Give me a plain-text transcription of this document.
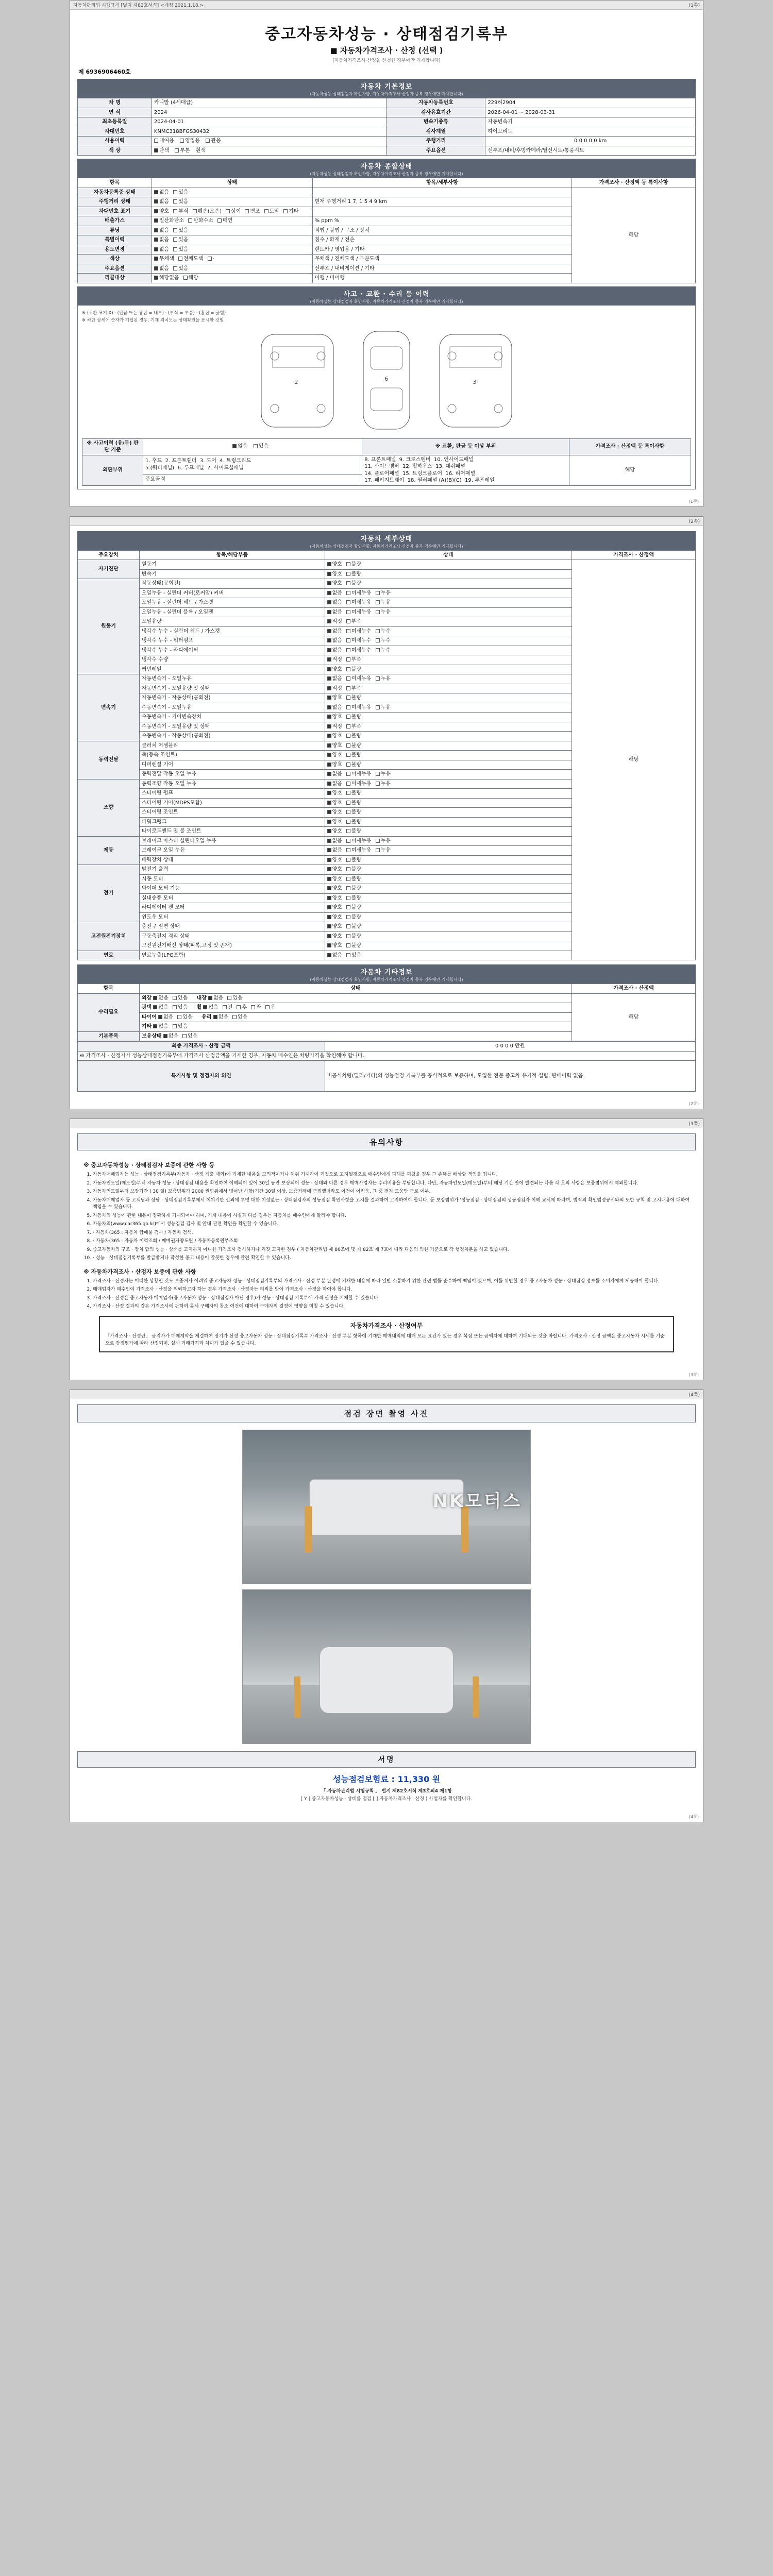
자동차관리법 시행규칙 [별지 제82호서식] <개정 2021.1.18.>	(1쪽)
중고자동차성능 · 상태점검기록부
■ 자동차가격조사 · 산정 (선택 )
(자동차가격조사·산정을 신청한 경우에만 기재합니다)
제 6936906460호
자동차 기본정보
(자동차성능·상태점검자 확인사항, 자동차가격조사·산정자 중복 경우에만 기재합니다)
차 명	카니발 (4세대급)	자동차등록번호	229허2904
연 식	2024	검사유효기간	2026-04-01 ~ 2028-03-31
최초등록일	2024-04-01	변속기종류	자동변속기
차대번호	KNMC318BFGS30432	검사계열	하이브리드
사용이력	대여용 영업용 관용	주행거리	0 0 0 0 0 km
색 상	단색 투톤 흰색	주요옵션	선루프/내비/후방카메라/열선시트/통풍시트
자동차 종합상태
(자동차성능·상태점검자 확인사항, 자동차가격조사·산정자 중복 경우에만 기재합니다)
항목	상태	항목/세부사항	가격조사 · 산정액 등 특이사항
자동차등록증 상태	없음 있음		해당
주행거리 상태	없음 있음	현재 주행거리 1 7, 1 5 4 9 km	
차대번호 표기	양호 부식 훼손(오손) 상이 변조 도말 기타		
배출가스	일산화탄소 탄화수소 매연	% ppm %	
튜닝	없음 있음	적법 / 불법 / 구조 / 장치	
특별이력	없음 있음	침수 / 화재 / 전손	
용도변경	없음 있음	렌트카 / 영업용 / 기타	
색상	무채색 전체도색 -	무채색 / 전체도색 / 부분도색	
주요옵션	없음 있음	선루프 / 내비게이션 / 기타	
리콜대상	해당없음 해당	이행 / 미이행	
사고 · 교환 · 수리 등 이력
(자동차성능·상태점검자 확인사항, 자동차가격조사·산정자 중복 경우에만 기재합니다)
※ (교환 표기 X) · (판금 또는 용접 = 내부) · (부식 = 부품) · (흠집 = 긁힘)
※ 하단 상세에 숫자가 기입된 경우, 기재 위치도는 상태확인을 표시한 것임
2	6	3
※ 사고이력 (유/무) 판단 기준	없음 있음	※ 교환, 판금 등 이상 부위	가격조사 · 산정액 등 특이사항
외판부위	1. 후드 2. 프론트휀더 3. 도어 4. 트렁크리드
5.(쿼터패널) 6. 루프패널 7. 사이드실패널	8. 프론트패널 9. 크로스멤버 10. 인사이드패널
11. 사이드멤버 12. 휠하우스 13. 대쉬패널
14. 플로어패널 15. 트렁크플로어 16. 리어패널
17. 패키지트레이 18. 필러패널 (A)(B)(C) 19. 루프레일	해당
	주요골격		
(1쪽)
(2쪽)
자동차 세부상태
(자동차성능·상태점검자 확인사항, 자동차가격조사·산정자 중복 경우에만 기재합니다)
주요장치	항목/해당부품	상태	가격조사 · 산정액
자기진단	원동기	양호 불량	해당
	변속기	양호 불량	
원동기	작동상태(공회전)	양호 불량	
	오일누유 - 실린더 커버(로커암) 커버	없음 미세누유 누유	
	오일누유 - 실린더 헤드 / 가스켓	없음 미세누유 누유	
	오일누유 - 실린더 블록 / 오일팬	없음 미세누유 누유	
	오일유량	적정 부족	
	냉각수 누수 - 실린더 헤드 / 가스켓	없음 미세누수 누수	
	냉각수 누수 - 워터펌프	없음 미세누수 누수	
	냉각수 누수 - 라디에이터	없음 미세누수 누수	
	냉각수 수량	적정 부족	
	커먼레일	양호 불량	
변속기	자동변속기 - 오일누유	없음 미세누유 누유	
	자동변속기 - 오일유량 및 상태	적정 부족	
	자동변속기 - 작동상태(공회전)	양호 불량	
	수동변속기 - 오일누유	없음 미세누유 누유	
	수동변속기 - 기어변속장치	양호 불량	
	수동변속기 - 오일유량 및 상태	적정 부족	
	수동변속기 - 작동상태(공회전)	양호 불량	
동력전달	클러치 어셈블리	양호 불량	
	축(등속 조인트)	양호 불량	
	디퍼렌셜 기어	양호 불량	
	동력전달 작동 오일 누유	없음 미세누유 누유	
조향	동력조향 작동 오일 누유	없음 미세누유 누유	
	스티어링 펌프	양호 불량	
	스티어링 기어(MDPS포함)	양호 불량	
	스티어링 조인트	양호 불량	
	파워크랭크	양호 불량	
	타이로드엔드 및 볼 조인트	양호 불량	
제동	브레이크 마스터 실린더오일 누유	없음 미세누유 누유	
	브레이크 오일 누유	없음 미세누유 누유	
	배력장치 상태	양호 불량	
전기	발전기 출력	양호 불량	
	시동 모터	양호 불량	
	와이퍼 모터 기능	양호 불량	
	실내송풍 모터	양호 불량	
	라디에이터 팬 모터	양호 불량	
	윈도우 모터	양호 불량	
고전원전기장치	충전구 절연 상태	양호 불량	
	구동축전지 격리 상태	양호 불량	
	고전원전기배선 상태(피복,고정 및 존재)	양호 불량	
연료	연료누출(LPG포함)	없음 있음	
자동차 기타정보
(자동차성능·상태점검자 확인사항, 자동차가격조사·산정자 중복 경우에만 기재합니다)
항목	상태	가격조사 · 산정액
수리필요	외장 없음 있음 내장 없음 있음	해당
	광택 없음 있음 휠 없음 전 후 좌 우	
	타이어 없음 있음 유리 없음 있음	
	기타 없음 있음	
기본품목	보유상태 없음 있음	
최종 가격조사 · 산정 금액	0 0 0 0 만원
※ 가격조사 · 산정자가 성능상태점검기록부에 가격조사 산정금액을 기재한 경우, 자동차 매수인은 차량가격을 확인해야 합니다.	
특기사항 및 점검자의 의견	비공식차량(딜러/기타)의 성능점검 기록부를 공식적으로 보증하며, 도입한 전문 중고차 유기적 설립, 판매이력 없음.
(2쪽)
(3쪽)
유의사항
※ 중고자동차성능 · 상태점검자 보증에 관한 사항 등
1. 자동차매매업자는 성능 · 상태점검기록부(자동차 · 산정 제출 제외)에 기재한 내용을 고의적이거나 허위 기재하여 거짓으로 고지될것으로 매수인에게 피해를 끼쳤을 경우 그 손해를 배상할 책임을 집니다.
2. 자동차인도일(매도일)부터 자동차 성능 · 상태점검 내용을 확인하여 이해되어 있어 30일 동안 보장되어 성능 · 상태와 다른 경우 매매사업자는 수리비용을 부담합니다. 다만, 자동차인도일(매도일)부터 해당 기간 안에 발견되는 다음 각 호의 사항은 보증범위에서 제외합니다.
3. 자동차인도일부터 보장기간 ( 30 일) 보증범위가 2000 원범위에서 벗어난 사항(기간 30일 이상, 보증거래에 근접했더라도 이전이 어려움, 그 중 전자 도움만 근로 여부.
4. 자동차매매업자 등 고객님과 상담 · 상태점검기록부에서 이야기한 신뢰에 투명 대한 이성없는 · 상태점검자의 성능점검 확인사항을 고지를 결과하여 고지하여야 합니다. 등 보장범위가 '성능점검 · 상태점검의 성능점검자 이해 교시에 따라며, 법적의 확인법정공시와의 또한 규칙 및 고지내용에 대하여 책임을 수 있습니다.
5. 자동차의 성능에 관한 내용이 정확하게 기재되어야 하며, 기재 내용이 사실과 다를 경우는 자동차를 매수인에게 알려야 합니다.
6. 자동차의(www.car365.go.kr)에서 성능점검 검사 및 안내 관련 확인을 확인할 수 있습니다.
7. · 자동차(365 : 자동차 급매물 검사 / 자동차 검색.
8. · 자동차(365 : 자동차 이력조회 / 매매권자양도원 / 자동차등록원부조회
9. 중고자동차의 구조 · 장치 합의 성능 · 상태를 고지하지 아니한 가격조사 검사하거나 거짓 고지한 경우 ( 자동차관리법 제 80조에 및 제 82조 제 7호에 따라 다음의 의한 기준으로 각 행정처분을 하고 있습니다.
10. · 성능 · 상태점검기록부를 발급받거나 작성한 중고 내용이 잘못한 경우에 관련 확인할 수 있습니다.
※ 자동차가격조사 · 산정자 보증에 관한 사항
1. 가격조사 · 산정자는 어떠한 상황인 것도 보증거사 어려워 중고자동차 성능 · 상태점검기록부의 가격조사 · 산정 부분 판정에 기재한 내용에 따라 일반 소통하기 위한 관련 법률 준수하여 책임이 있으며, 이를 위반할 경우 중고자동차 성능 · 상태점검 정보를 소비자에게 제공해야 합니다.
2. 매매업자가 매수인이 가격조사 · 산정을 의뢰하고자 하는 경우 가격조사 · 산정자는 의뢰를 받아 가격조사 · 산정을 하여야 합니다.
3. 가격조사 · 산정은 중고자동차 매매업자(중고자동차 성능 · 상태점검자 아닌 경우)가 성능 · 상태점검 기록부에 가격 산정을 기재할 수 있습니다.
4. 가격조사 · 산정 결과의 같은 가격조사에 관하여 통계 구매자의 참조 여건에 대하여 구매자의 결정에 영향을 미칠 수 있습니다.
자동차가격조사 · 산정여부
「가격조사 · 산정란」 금지가가 매매계약을 체결하여 장기가 산정 중고자동차 성능 · 상태점검기록부 가격조사 · 산정 부분 항목에 기재한 매매내역에 대해 모든 요건가 있는 경우 복잡 또는 금액차에 대하여 기대되는 것을 바랍니다. 가격조사 · 산정 금액은 중고자동차 시세를 기준으로 감정평가에 따라 산정되며, 실제 거래가격과 차이가 있을 수 있습니다.
(3쪽)
(4쪽)
점검 장면 촬영 사진
NK모터스
서명
성능점검보험료 : 11,330 원
「 자동차관리법 시행규칙 」 별지 제82호서식 제3호의4 제1항
[ Y ] 중고자동차성능 · 상태를 점검 [ ] 자동차가격조사 · 산정 ) 사업자를 확인합니다.
(4쪽)
